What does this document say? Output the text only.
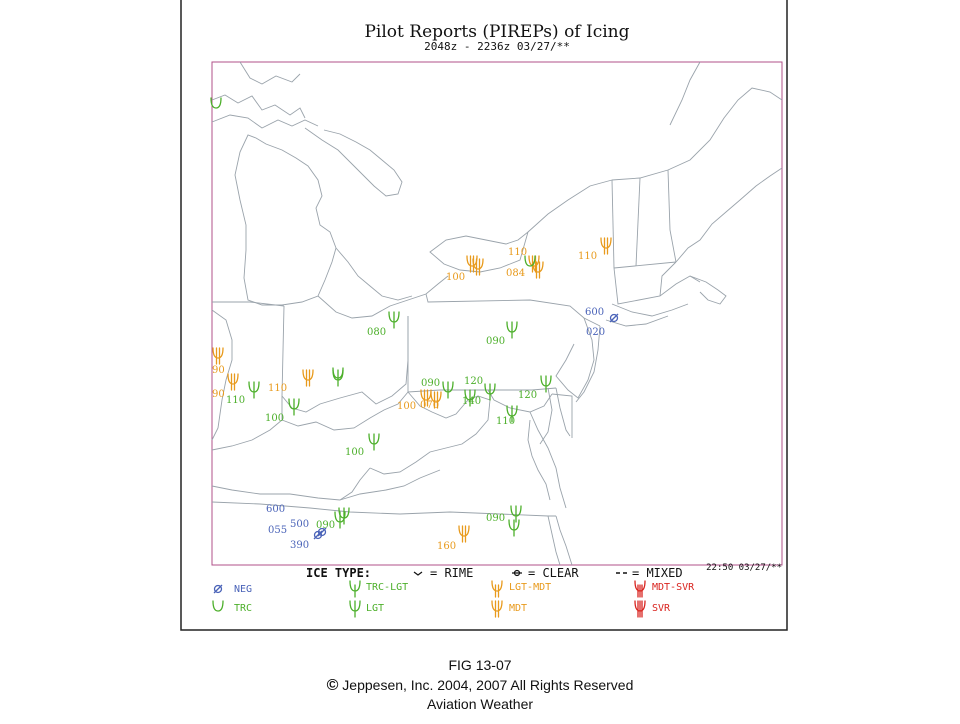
Pilot Reports (PIREPs) of Icing
2048z - 2236z 03/27/**
110
084
100
110
600
020
080
090
110
110
100
090 120
100 070 140
120
110
100
600
500
055
390
090
090
160
90
90
22:50 03/27/**
ICE TYPE:	= RIME	= CLEAR	= MIXED
NEG	TRC-LGT	LGT-MDT	MDT-SVR
TRC	LGT	MDT	SVR
FIG 13-07
© Jeppesen, Inc. 2004, 2007 All Rights Reserved
Aviation Weather
